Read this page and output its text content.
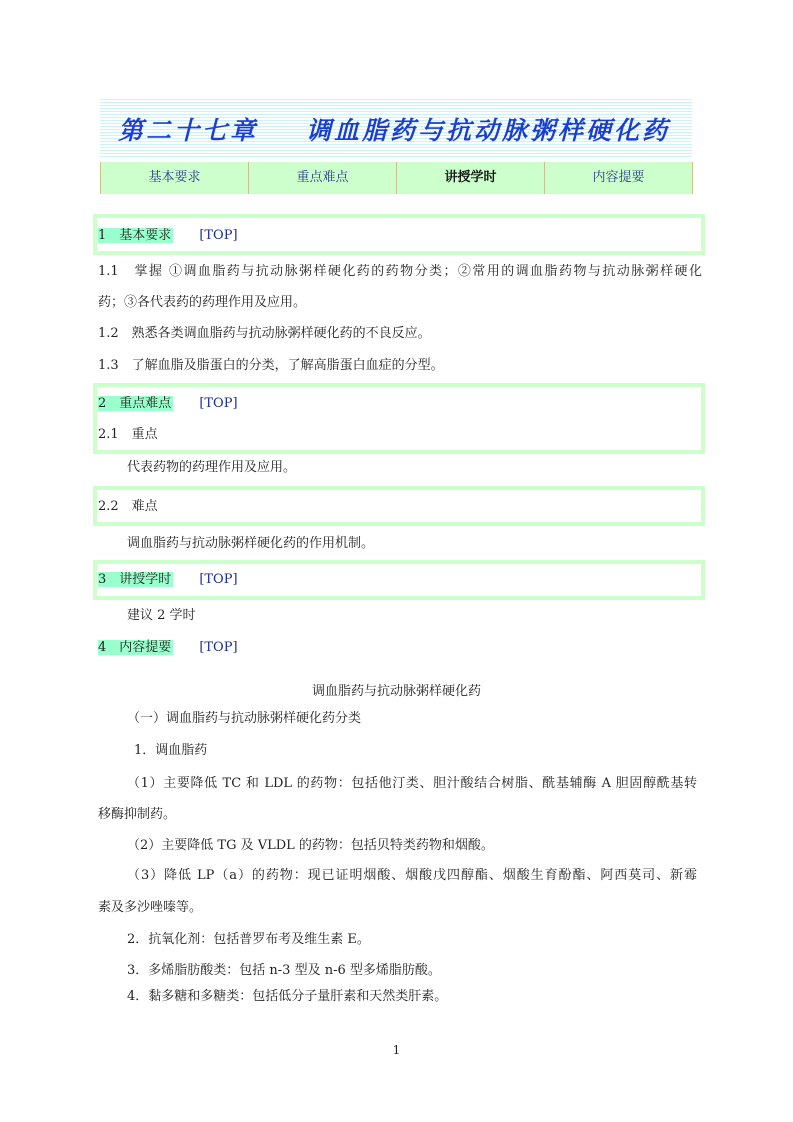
第二十七章 调血脂药与抗动脉粥样硬化药
基本要求	重点难点	讲授学时	内容提要
1　 基本要求 [TOP]
1.1　掌握 ①调血脂药与抗动脉粥样硬化药的药物分类；②常用的调血脂药物与抗动脉粥样硬化
药；③各代表药的药理作用及应用。
1.2　熟悉各类调血脂药与抗动脉粥样硬化药的不良反应。
1.3　了解血脂及脂蛋白的分类，了解高脂蛋白血症的分型。
2　 重点难点 [TOP]
2.1　重点
代表药物的药理作用及应用。
2.2　难点
调血脂药与抗动脉粥样硬化药的作用机制。
3　 讲授学时 [TOP]
建议 2 学时
4　 内容提要 [TOP]
调血脂药与抗动脉粥样硬化药
（一）调血脂药与抗动脉粥样硬化药分类
1．调血脂药
（1）主要降低 TC 和 LDL 的药物：包括他汀类、胆汁酸结合树脂、酰基辅酶 A 胆固醇酰基转
移酶抑制药。
（2）主要降低 TG 及 VLDL 的药物：包括贝特类药物和烟酸。
（3）降低 LP（a）的药物：现已证明烟酸、烟酸戊四醇酯、烟酸生育酚酯、阿西莫司、新霉
素及多沙唑嗪等。
2．抗氧化剂：包括普罗布考及维生素 E。
3．多烯脂肪酸类：包括 n-3 型及 n-6 型多烯脂肪酸。
4．黏多糖和多糖类：包括低分子量肝素和天然类肝素。
1
